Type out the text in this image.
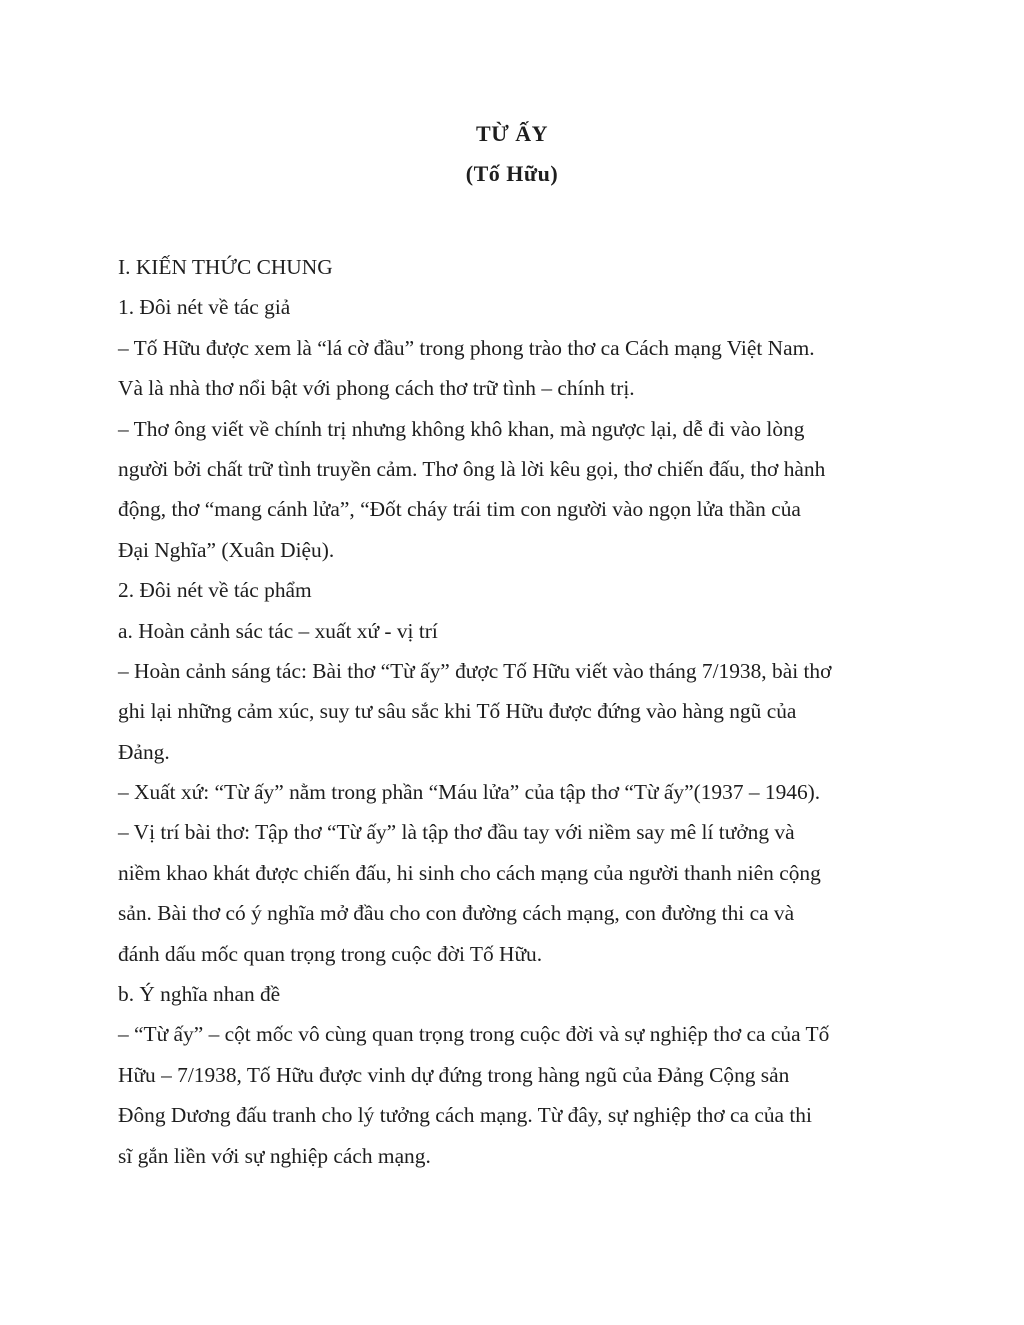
TỪ ẤY
(Tố Hữu)
I. KIẾN THỨC CHUNG
1. Đôi nét về tác giả
– Tố Hữu được xem là “lá cờ đầu” trong phong trào thơ ca Cách mạng Việt Nam.
Và là nhà thơ nổi bật với phong cách thơ trữ tình – chính trị.
– Thơ ông viết về chính trị nhưng không khô khan, mà ngược lại, dễ đi vào lòng
người bởi chất trữ tình truyền cảm. Thơ ông là lời kêu gọi, thơ chiến đấu, thơ hành
động, thơ “mang cánh lửa”, “Đốt cháy trái tim con người vào ngọn lửa thần của
Đại Nghĩa” (Xuân Diệu).
2. Đôi nét về tác phẩm
a. Hoàn cảnh sác tác – xuất xứ - vị trí
– Hoàn cảnh sáng tác: Bài thơ “Từ ấy” được Tố Hữu viết vào tháng 7/1938, bài thơ
ghi lại những cảm xúc, suy tư sâu sắc khi Tố Hữu được đứng vào hàng ngũ của
Đảng.
– Xuất xứ: “Từ ấy” nằm trong phần “Máu lửa” của tập thơ “Từ ấy”(1937 – 1946).
– Vị trí bài thơ: Tập thơ “Từ ấy” là tập thơ đầu tay với niềm say mê lí tưởng và
niềm khao khát được chiến đấu, hi sinh cho cách mạng của người thanh niên cộng
sản. Bài thơ có ý nghĩa mở đầu cho con đường cách mạng, con đường thi ca và
đánh dấu mốc quan trọng trong cuộc đời Tố Hữu.
b. Ý nghĩa nhan đề
– “Từ ấy” – cột mốc vô cùng quan trọng trong cuộc đời và sự nghiệp thơ ca của Tố
Hữu – 7/1938, Tố Hữu được vinh dự đứng trong hàng ngũ của Đảng Cộng sản
Đông Dương đấu tranh cho lý tưởng cách mạng. Từ đây, sự nghiệp thơ ca của thi
sĩ gắn liền với sự nghiệp cách mạng.
